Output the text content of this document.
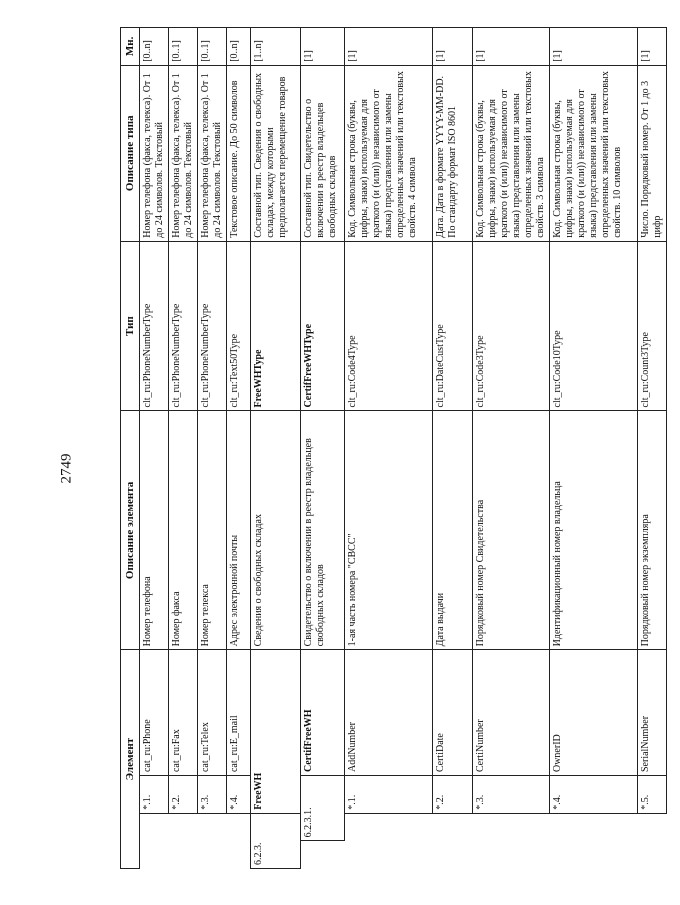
2749
Элемент				Описание элемента	Тип	Описание типа	Мн.
		*.1.	cat_ru:Phone	Номер телефона	clt_ru:PhoneNumberType	Номер телефона (факса, телекса). От 1 до 24 символов. Текстовый	[0..n]
		*.2.	cat_ru:Fax	Номер факса	clt_ru:PhoneNumberType	Номер телефона (факса, телекса). От 1 до 24 символов. Текстовый	[0..1]
		*.3.	cat_ru:Telex	Номер телекса	clt_ru:PhoneNumberType	Номер телефона (факса, телекса). От 1 до 24 символов. Текстовый	[0..1]
		*.4.	cat_ru:E_mail	Адрес электронной почты	clt_ru:Text50Type	Текстовое описание. До 50 символов	[0..n]
6.2.3.		FreeWH		Сведения о свободных складах	FreeWHType	Составной тип. Сведения о свободных складах, между которыми предполагается перемещение товаров	[1..n]
	6.2.3.1.		CertifFreeWH	Свидетельство о включении в реестр владельцев свободных складов	CertifFreeWHType	Составной тип. Свидетельство о включении в реестр владельцев свободных складов	[1]
		*.1.	AddNumber	1-ая часть номера "СВСС"	clt_ru:Code4Type	Код. Символьная строка (буквы, цифры, знаки) используемая для краткого (и (или)) независимого от языка) представления или замены определенных значений или текстовых свойств. 4 символа	[1]
		*.2.	CertiDate	Дата выдачи	clt_ru:DateCustType	Дата. Дата в формате YYYY-MM-DD. По стандарту формат ISO 8601	[1]
		*.3.	CertiNumber	Порядковый номер Свидетельства	clt_ru:Code3Type	Код. Символьная строка (буквы, цифры, знаки) используемая для краткого (и (или)) независимого от языка) представления или замены определенных значений или текстовых свойств. 3 символа	[1]
		*.4.	OwnerID	Идентификационный номер владельца	clt_ru:Code10Type	Код. Символьная строка (буквы, цифры, знаки) используемая для краткого (и (или)) независимого от языка) представления или замены определенных значений или текстовых свойств. 10 символов	[1]
		*.5.	SerialNumber	Порядковый номер экземпляра	clt_ru:Count3Type	Число. Порядковый номер. От 1 до 3 цифр	[1]
